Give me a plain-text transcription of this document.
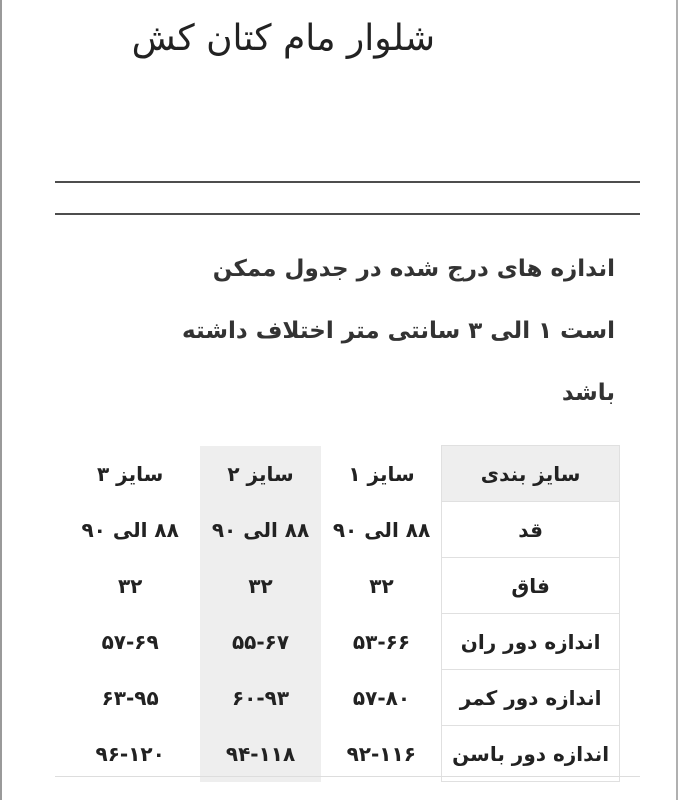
شلوار مام کتان کش
اندازه های درج شده در جدول ممکن
است ۱ الی ۳ سانتی متر اختلاف داشته
باشد
سایز بندی	سایز ۱	سایز ۲	سایز ۳
قد	۸۸ الی ۹۰	۸۸ الی ۹۰	۸۸ الی ۹۰
فاق	۳۲	۳۲	۳۲
اندازه دور ران	۵۳-۶۶	۵۵-۶۷	۵۷-۶۹
اندازه دور کمر	۵۷-۸۰	۶۰-۹۳	۶۳-۹۵
اندازه دور باسن	۹۲-۱۱۶	۹۴-۱۱۸	۹۶-۱۲۰
